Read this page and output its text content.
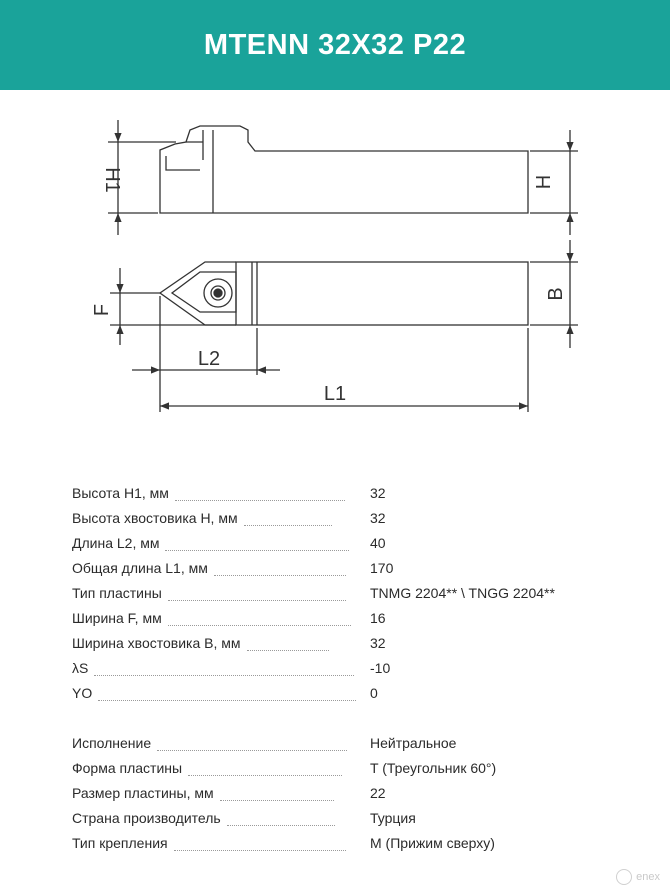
MTENN 32X32 P22
H1	H
F
B
L2
L1
Высота H1, мм	32
Высота хвостовика H, мм	32
Длина L2, мм	40
Общая длина L1, мм	170
Тип пластины	TNMG 2204** \ TNGG 2204**
Ширина F, мм	16
Ширина хвостовика B, мм	32
λS	-10
YO	0
Исполнение	Нейтральное
Форма пластины	T (Треугольник 60°)
Размер пластины, мм	22
Страна производитель	Турция
Тип крепления	M (Прижим сверху)
enex
